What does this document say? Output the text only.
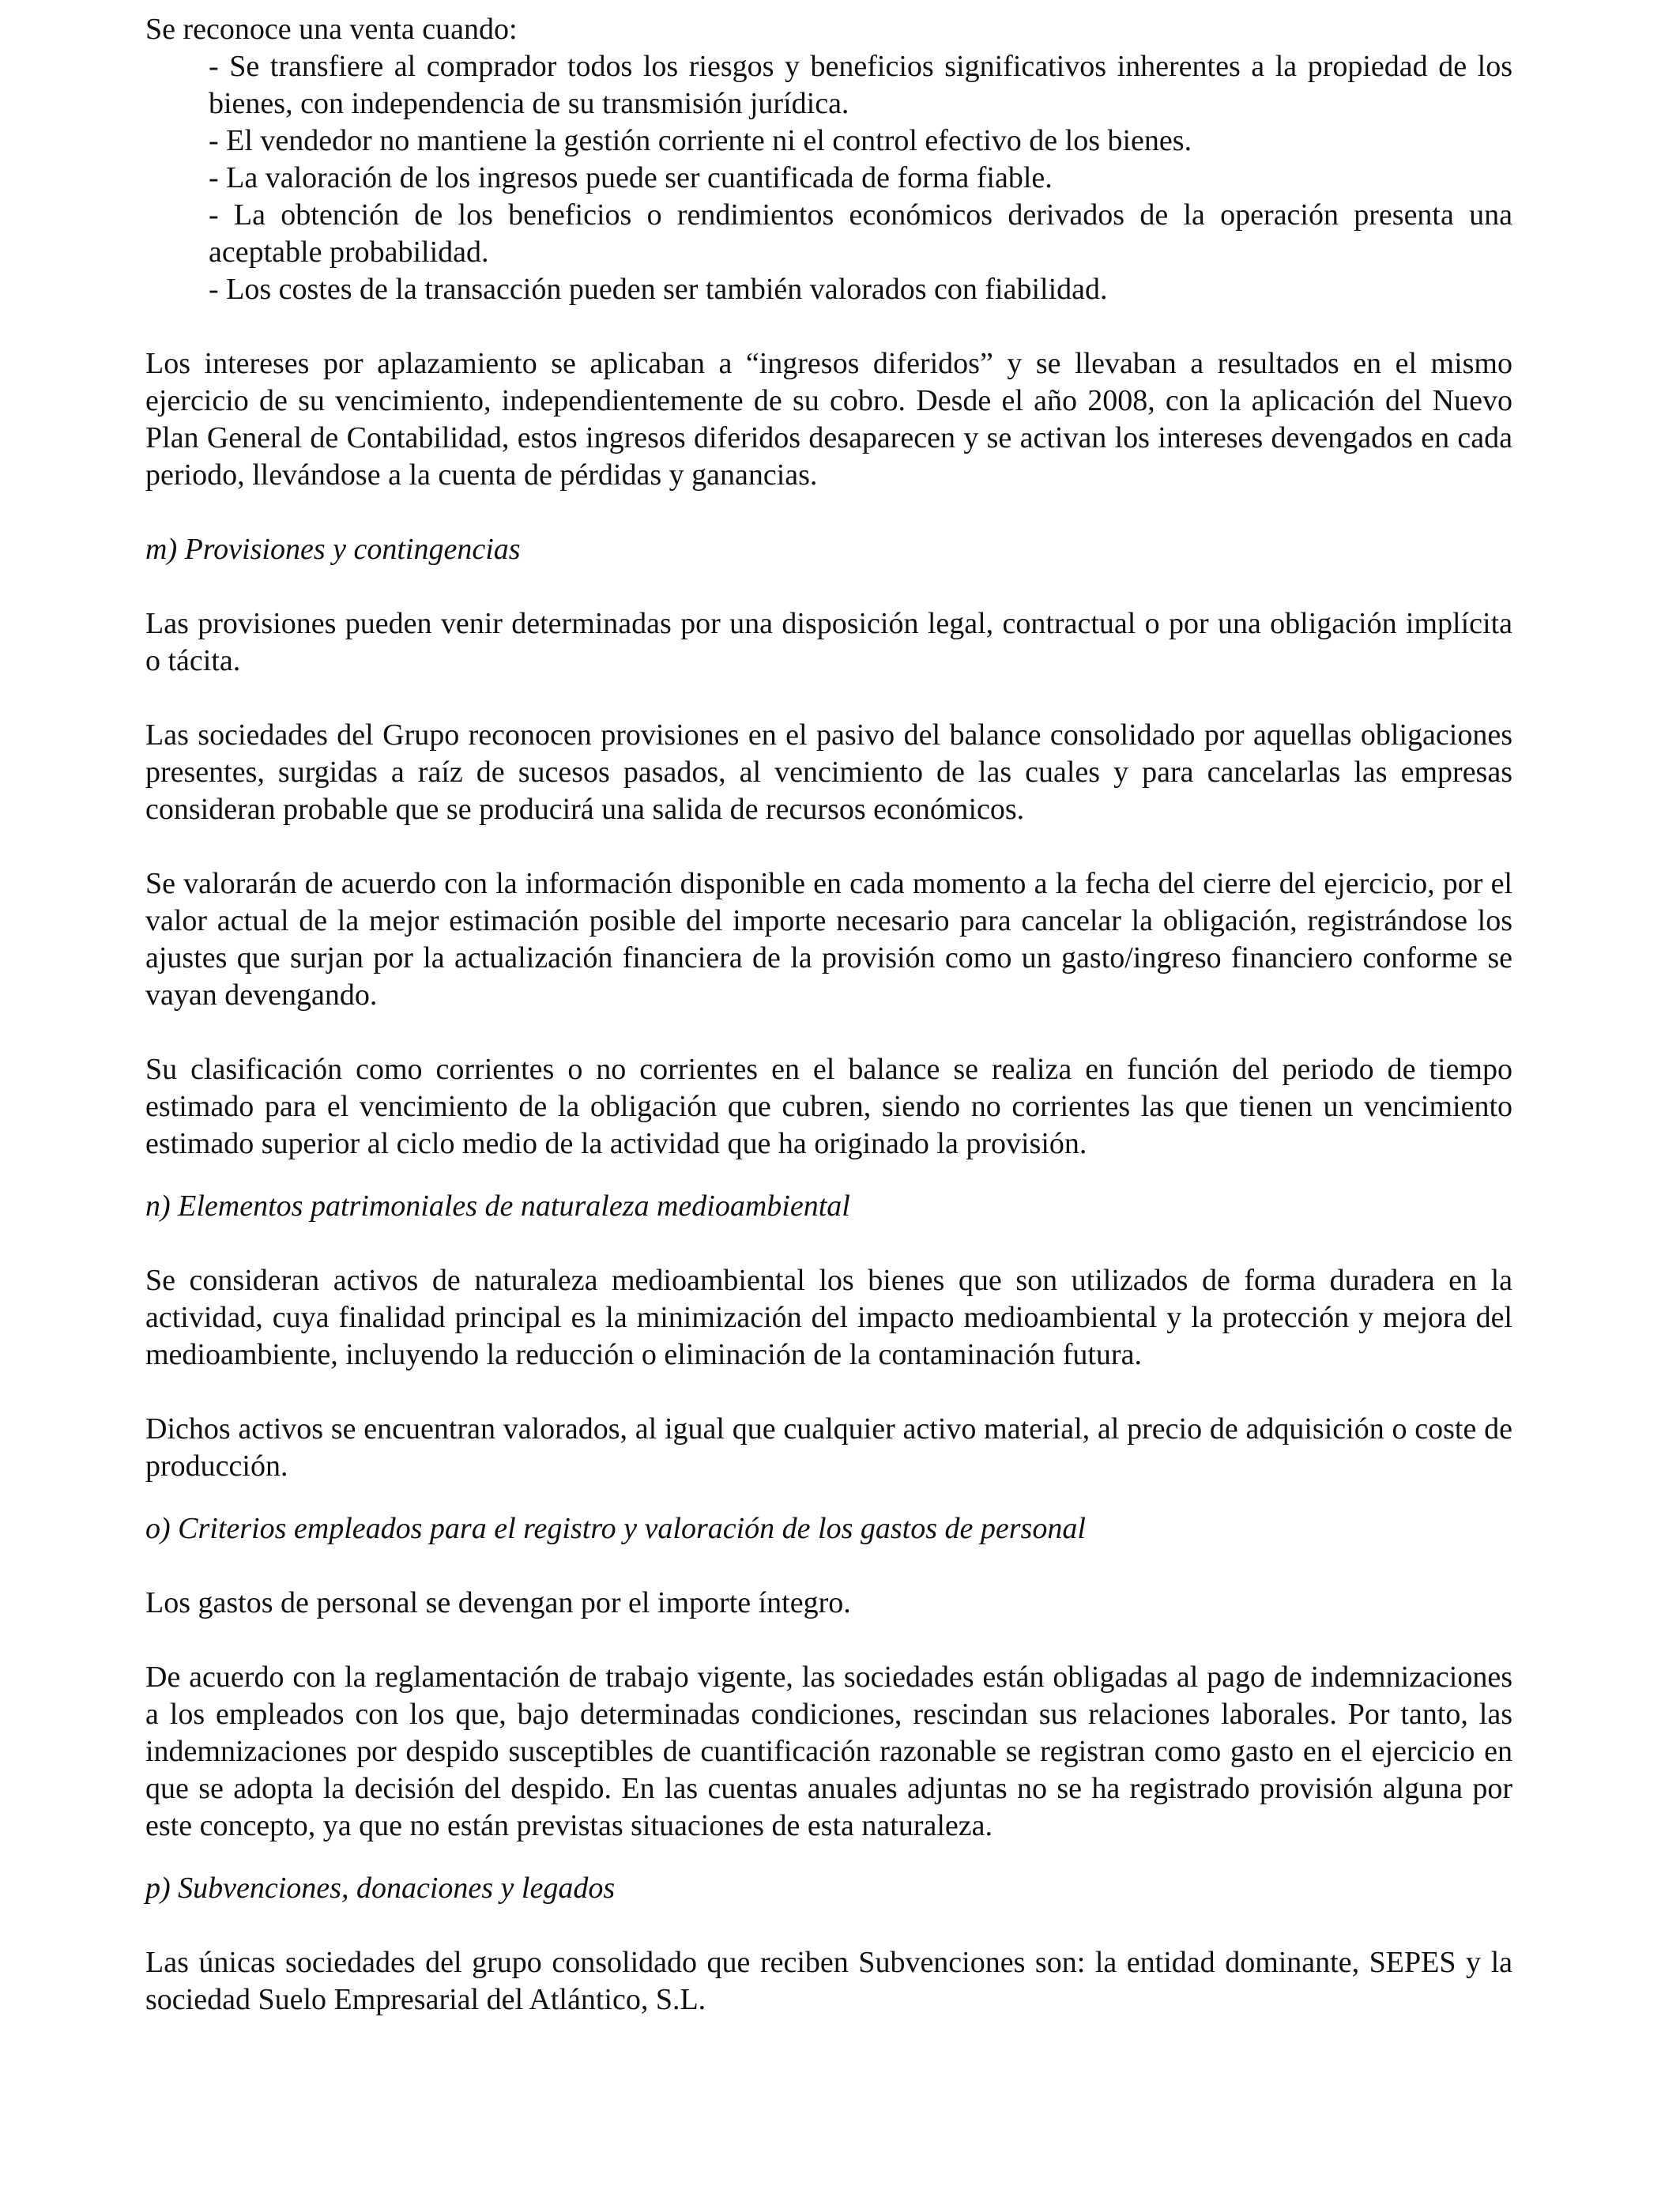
Se reconoce una venta cuando:

- Se transfiere al comprador todos los riesgos y beneficios significativos inherentes a la propiedad de los bienes, con independencia de su transmisión jurídica.
- El vendedor no mantiene la gestión corriente ni el control efectivo de los bienes.
- La valoración de los ingresos puede ser cuantificada de forma fiable.
- La obtención de los beneficios o rendimientos económicos derivados de la operación presenta una aceptable probabilidad.
- Los costes de la transacción pueden ser también valorados con fiabilidad.

Los intereses por aplazamiento se aplicaban a “ingresos diferidos” y se llevaban a resultados en el mismo ejercicio de su vencimiento, independientemente de su cobro. Desde el año 2008, con la aplicación del Nuevo Plan General de Contabilidad, estos ingresos diferidos desaparecen y se activan los intereses devengados en cada periodo, llevándose a la cuenta de pérdidas y ganancias.

m) Provisiones y contingencias

Las provisiones pueden venir determinadas por una disposición legal, contractual o por una obligación implícita o tácita.

Las sociedades del Grupo reconocen provisiones en el pasivo del balance consolidado por aquellas obligaciones presentes, surgidas a raíz de sucesos pasados, al vencimiento de las cuales y para cancelarlas las empresas consideran probable que se producirá una salida de recursos económicos.

Se valorarán de acuerdo con la información disponible en cada momento a la fecha del cierre del ejercicio, por el valor actual de la mejor estimación posible del importe necesario para cancelar la obligación, registrándose los ajustes que surjan por la actualización financiera de la provisión como un gasto/ingreso financiero conforme se vayan devengando.

Su clasificación como corrientes o no corrientes en el balance se realiza en función del periodo de tiempo estimado para el vencimiento de la obligación que cubren, siendo no corrientes las que tienen un vencimiento estimado superior al ciclo medio de la actividad que ha originado la provisión.

n) Elementos patrimoniales de naturaleza medioambiental

Se consideran activos de naturaleza medioambiental los bienes que son utilizados de forma duradera en la actividad, cuya finalidad principal es la minimización del impacto medioambiental y la protección y mejora del medioambiente, incluyendo la reducción o eliminación de la contaminación futura.

Dichos activos se encuentran valorados, al igual que cualquier activo material, al precio de adquisición o coste de producción.

o) Criterios empleados para el registro y valoración de los gastos de personal

Los gastos de personal se devengan por el importe íntegro.

De acuerdo con la reglamentación de trabajo vigente, las sociedades están obligadas al pago de indemnizaciones a los empleados con los que, bajo determinadas condiciones, rescindan sus relaciones laborales. Por tanto, las indemnizaciones por despido susceptibles de cuantificación razonable se registran como gasto en el ejercicio en que se adopta la decisión del despido. En las cuentas anuales adjuntas no se ha registrado provisión alguna por este concepto, ya que no están previstas situaciones de esta naturaleza.

p) Subvenciones, donaciones y legados

Las únicas sociedades del grupo consolidado que reciben Subvenciones son: la entidad dominante, SEPES y la sociedad Suelo Empresarial del Atlántico, S.L.
